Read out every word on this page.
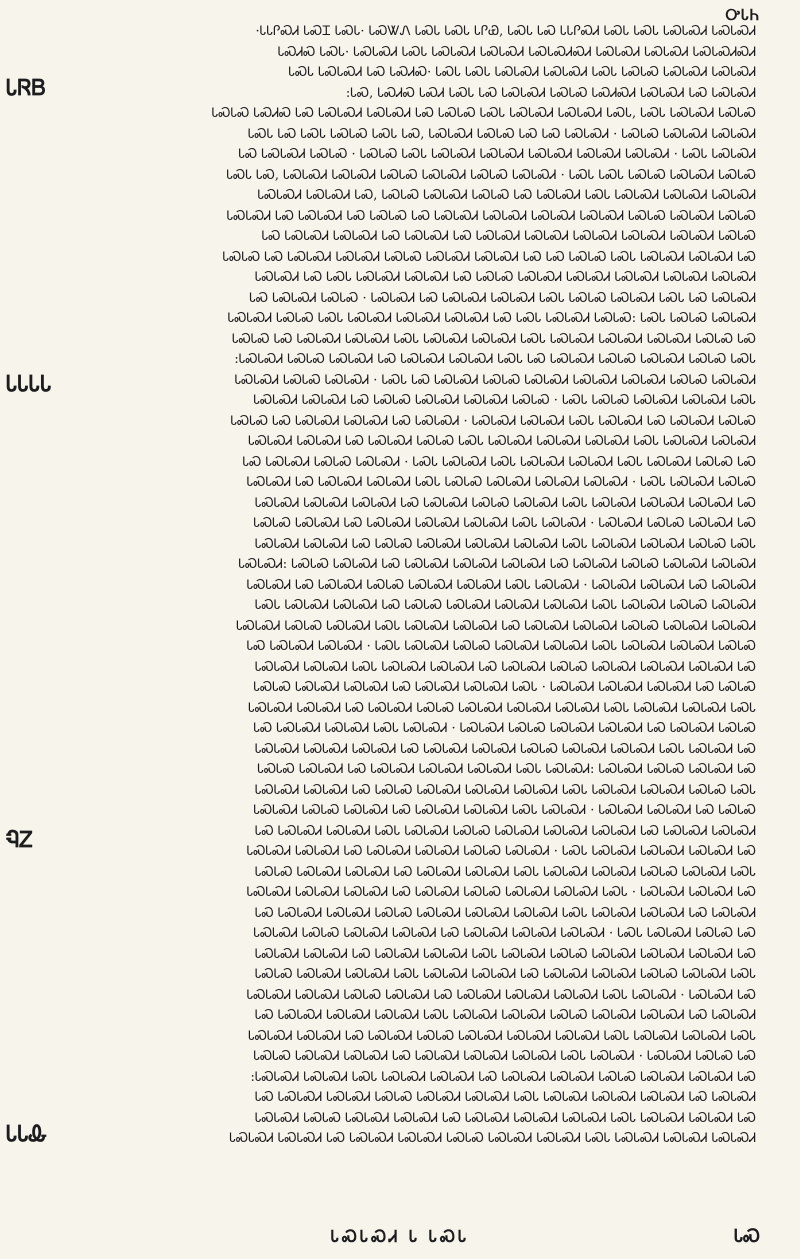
ᎤᏓᏂ
ᏓᏒᏴ
ᏓᏓᏓᏓ
ᏄᏃ
ᏓᏓᎲ

ᏓᏓᎵᏍᏗ ᏓᏍᏆ ᏓᏍᏓ· ᏓᏍᏔᏁ ᏓᏍᏓ ᏓᏍᏓ ᏓᎵᏯ, ᏓᏍᏓ ᏓᏍ ᏓᏓᎵᏍᏗ ᏓᏍᏓ ᏓᏍᏓ ᏓᏍᏓᏍᏗ ᏓᏍᏓᏍᏗ·
ᏓᏍᏗᏍ ᏓᏍᏓ· ᏓᏍᏓᏍᏗ ᏓᏍᏓ ᏓᏍᏓᏍᏗ ᏓᏍᏓᏍᏗ ᏓᏍᏓᏍᏗᏍᏗ ᏓᏍᏓᏍᏗ ᏓᏍᏓᏍᏗ ᏓᏍᏓᏍᏗᏍᏗ
ᏓᏍᏓ ᏓᏍᏓᏍᏗ ᏓᏍ ᏓᏍᏗᏍ· ᏓᏍᏓ ᏓᏍᏓ ᏓᏍᏓᏍᏗ ᏓᏍᏓᏍᏗ ᏓᏍᏓ ᏓᏍᏓᏍ ᏓᏍᏓᏍᏗ ᏓᏍᏓᏍᏗ
ᏓᏍ, ᏓᏍᏗᏍ ᏓᏍᏗ ᏓᏍᏓ ᏓᏍ ᏓᏍᏓᏍᏗ ᏓᏍᏓᏍ ᏓᏍᏗᏍᏗ ᏓᏍᏓᏍᏗ ᏓᏍ ᏓᏍᏓᏍᏗ:
ᏓᏍᏓᏍ ᏓᏍᏗᏍ ᏓᏍ ᏓᏍᏓᏍᏗ ᏓᏍᏓᏍᏗ ᏓᏍ ᏓᏍᏓᏍ ᏓᏍᏓ ᏓᏍᏓᏍᏗ ᏓᏍᏓᏍᏗ ᏓᏍᏓ, ᏓᏍᏓ ᏓᏍᏓᏍᏗ ᏓᏍᏓᏍ
ᏓᏍᏓ ᏓᏍ ᏓᏍᏓ ᏓᏍᏓᏍ ᏓᏍᏓ ᏓᏍ, ᏓᏍᏓᏍᏗ ᏓᏍᏓᏍ ᏓᏍ ᏓᏍ ᏓᏍᏓᏍᏗ · ᏓᏍᏓᏍ ᏓᏍᏓᏍᏗ ᏓᏍᏓᏍᏗ
ᏓᏍ ᏓᏍᏓᏍᏗ ᏓᏍᏓᏍ · ᏓᏍᏓᏍ ᏓᏍᏓ ᏓᏍᏓᏍᏗ ᏓᏍᏓᏍᏗ ᏓᏍᏓᏍᏗ ᏓᏍᏓᏍᏗ ᏓᏍᏓᏍᏗ · ᏓᏍᏓ ᏓᏍᏓᏍᏗ
ᏓᏍᏓ ᏓᏍ, ᏓᏍᏓᏍᏗ ᏓᏍᏓᏍᏗ ᏓᏍᏓᏍ ᏓᏍᏓᏍᏗ ᏓᏍᏓᏍ ᏓᏍᏓᏍᏗ · ᏓᏍᏓ ᏓᏍᏓ ᏓᏍᏓᏍ ᏓᏍᏓᏍᏗ ᏓᏍᏓᏍ
ᏓᏍᏓᏍᏗ ᏓᏍᏓᏍᏗ ᏓᏍ, ᏓᏍᏓᏍ ᏓᏍᏓᏍᏗ ᏓᏍᏓᏍ ᏓᏍ ᏓᏍᏓᏍᏗ ᏓᏍᏓ ᏓᏍᏓᏍᏗ ᏓᏍᏓᏍᏗ ᏓᏍᏓᏍᏗ
ᏓᏍᏓᏍᏗ ᏓᏍ ᏓᏍᏓᏍᏗ ᏓᏍ ᏓᏍᏓᏍ ᏓᏍ ᏓᏍᏓᏍᏗ ᏓᏍᏓᏍᏗ ᏓᏍᏓᏍᏗ ᏓᏍᏓᏍᏗ ᏓᏍᏓᏍ ᏓᏍᏓᏍᏗ ᏓᏍᏓᏍ
ᏓᏍ ᏓᏍᏓᏍᏗ ᏓᏍᏓᏍᏗ ᏓᏍ ᏓᏍᏓᏍᏗ ᏓᏍ ᏓᏍᏓᏍᏗ ᏓᏍᏓᏍᏗ ᏓᏍᏓᏍᏗ ᏓᏍᏓᏍᏗ ᏓᏍᏓᏍᏗ ᏓᏍᏓᏍ
ᏓᏍᏓᏍ ᏓᏍ ᏓᏍᏓᏍᏗ ᏓᏍᏓᏍᏗ ᏓᏍᏓᏍ ᏓᏍᏓᏍᏗ ᏓᏍᏓᏍᏗ ᏓᏍ ᏓᏍ ᏓᏍᏓᏍ ᏓᏍᏓ ᏓᏍᏓᏍᏗ ᏓᏍᏓᏍᏗ ᏓᏍ
ᏓᏍᏓᏍᏗ ᏓᏍ ᏓᏍᏓ ᏓᏍᏓᏍᏗ ᏓᏍᏓᏍᏗ ᏓᏍ ᏓᏍᏓᏍ ᏓᏍᏓᏍᏗ ᏓᏍᏓᏍᏗ ᏓᏍᏓᏍᏗ ᏓᏍᏓᏍᏗ ᏓᏍᏓᏍᏗ
ᏓᏍ ᏓᏍᏓᏍᏗ ᏓᏍᏓᏍ · ᏓᏍᏓᏍᏗ ᏓᏍ ᏓᏍᏓᏍᏗ ᏓᏍᏓᏍᏗ ᏓᏍᏓ ᏓᏍᏓᏍ ᏓᏍᏓᏍᏗ ᏓᏍᏓ ᏓᏍ ᏓᏍᏓᏍᏗ
ᏓᏍᏓᏍᏗ ᏓᏍᏓᏍ ᏓᏍᏓ ᏓᏍᏓᏍᏗ ᏓᏍᏓᏍᏗ ᏓᏍᏓᏍᏗ ᏓᏍ ᏓᏍᏓ ᏓᏍᏓᏍᏗ ᏓᏍᏓᏍ: ᏓᏍᏓ ᏓᏍᏓᏍ ᏓᏍᏓᏍᏗ
ᏓᏍᏓᏍ ᏓᏍ ᏓᏍᏓᏍᏗ ᏓᏍᏓᏍᏗ ᏓᏍᏓ ᏓᏍᏓᏍᏗ ᏓᏍᏓᏍᏗ ᏓᏍᏓ ᏓᏍᏓᏍᏗ ᏓᏍᏓᏍᏗ ᏓᏍᏓᏍᏗ ᏓᏍᏓᏍ ᏓᏍ
ᏓᏍᏓᏍᏗ ᏓᏍᏓᏍ ᏓᏍᏓᏍᏗ ᏓᏍ ᏓᏍᏓᏍᏗ ᏓᏍᏓᏍᏗ ᏓᏍᏓ ᏓᏍ ᏓᏍᏓᏍᏗ ᏓᏍᏓᏍ ᏓᏍᏓᏍᏗ ᏓᏍᏓᏍ ᏓᏍᏓ:
ᏓᏍᏓᏍᏗ ᏓᏍᏓᏍ ᏓᏍᏓᏍᏗ · ᏓᏍᏓ ᏓᏍ ᏓᏍᏓᏍᏗ ᏓᏍᏓᏍ ᏓᏍᏓᏍᏗ ᏓᏍᏓᏍᏗ ᏓᏍᏓᏍᏗ ᏓᏍᏓᏍ ᏓᏍᏓᏍᏗ
ᏓᏍᏓᏍᏗ ᏓᏍᏓᏍᏗ ᏓᏍ ᏓᏍᏓᏍ ᏓᏍᏓᏍᏗ ᏓᏍᏓᏍᏗ ᏓᏍᏓᏍ · ᏓᏍᏓ ᏓᏍᏓᏍ ᏓᏍᏓᏍᏗ ᏓᏍᏓᏍᏗ ᏓᏍᏓ
ᏓᏍᏓᏍ ᏓᏍ ᏓᏍᏓᏍᏗ ᏓᏍᏓᏍᏗ ᏓᏍ ᏓᏍᏓᏍᏗ · ᏓᏍᏓᏍᏗ ᏓᏍᏓᏍᏗ ᏓᏍᏓ ᏓᏍᏓᏍᏗ ᏓᏍ ᏓᏍᏓᏍᏗ ᏓᏍᏓᏍ
ᏓᏍᏓᏍᏗ ᏓᏍᏓᏍᏗ ᏓᏍ ᏓᏍᏓᏍᏗ ᏓᏍᏓᏍ ᏓᏍᏓ ᏓᏍᏓᏍᏗ ᏓᏍᏓᏍᏗ ᏓᏍᏓᏍᏗ ᏓᏍᏓ ᏓᏍᏓᏍᏗ ᏓᏍᏓᏍᏗ
ᏓᏍ ᏓᏍᏓᏍᏗ ᏓᏍᏓᏍ ᏓᏍᏓᏍᏗ · ᏓᏍᏓ ᏓᏍᏓᏍᏗ ᏓᏍᏓ ᏓᏍᏓᏍᏗ ᏓᏍᏓᏍᏗ ᏓᏍᏓ ᏓᏍᏓᏍᏗ ᏓᏍᏓᏍ ᏓᏍ
ᏓᏍᏓᏍᏗ ᏓᏍ ᏓᏍᏓᏍᏗ ᏓᏍᏓᏍᏗ ᏓᏍᏓ ᏓᏍᏓᏍ ᏓᏍᏓᏍᏗ ᏓᏍᏓᏍᏗ ᏓᏍᏓᏍᏗ · ᏓᏍᏓ ᏓᏍᏓᏍᏗ ᏓᏍᏓᏍ
ᏓᏍᏓᏍᏗ ᏓᏍᏓᏍᏗ ᏓᏍᏓᏍᏗ ᏓᏍ ᏓᏍᏓᏍᏗ ᏓᏍᏓᏍ ᏓᏍᏓᏍᏗ ᏓᏍᏓ ᏓᏍᏓᏍᏗ ᏓᏍᏓᏍᏗ ᏓᏍᏓᏍᏗ ᏓᏍ
ᏓᏍᏓᏍ ᏓᏍᏓᏍᏗ ᏓᏍ ᏓᏍᏓᏍᏗ ᏓᏍᏓᏍᏗ ᏓᏍᏓᏍᏗ ᏓᏍᏓ ᏓᏍᏓᏍᏗ · ᏓᏍᏓᏍᏗ ᏓᏍᏓᏍ ᏓᏍᏓᏍᏗ ᏓᏍ
ᏓᏍᏓᏍᏗ ᏓᏍᏓᏍᏗ ᏓᏍ ᏓᏍᏓᏍ ᏓᏍᏓᏍᏗ ᏓᏍᏓᏍᏗ ᏓᏍᏓᏍᏗ ᏓᏍᏓ ᏓᏍᏓᏍᏗ ᏓᏍᏓᏍᏗ ᏓᏍᏓᏍ ᏓᏍᏓ
ᏓᏍᏓᏍᏗ: ᏓᏍᏓᏍ ᏓᏍᏓᏍᏗ ᏓᏍ ᏓᏍᏓᏍᏗ ᏓᏍᏓᏍᏗ ᏓᏍᏓᏍᏗ ᏓᏍ ᏓᏍᏓᏍᏗ ᏓᏍᏓᏍ ᏓᏍᏓᏍᏗ ᏓᏍᏓᏍᏗ
ᏓᏍᏓᏍᏗ ᏓᏍ ᏓᏍᏓᏍᏗ ᏓᏍᏓᏍ ᏓᏍᏓᏍᏗ ᏓᏍᏓᏍᏗ ᏓᏍᏓ ᏓᏍᏓᏍᏗ · ᏓᏍᏓᏍᏗ ᏓᏍᏓᏍᏗ ᏓᏍ ᏓᏍᏓᏍᏗ
ᏓᏍᏓ ᏓᏍᏓᏍᏗ ᏓᏍᏓᏍᏗ ᏓᏍ ᏓᏍᏓᏍ ᏓᏍᏓᏍᏗ ᏓᏍᏓᏍᏗ ᏓᏍᏓᏍᏗ ᏓᏍᏓ ᏓᏍᏓᏍᏗ ᏓᏍᏓᏍ ᏓᏍᏓᏍᏗ
ᏓᏍᏓᏍᏗ ᏓᏍᏓᏍ ᏓᏍᏓᏍᏗ ᏓᏍᏓ ᏓᏍᏓᏍᏗ ᏓᏍᏓᏍᏗ ᏓᏍ ᏓᏍᏓᏍᏗ ᏓᏍᏓᏍᏗ ᏓᏍᏓᏍ ᏓᏍᏓᏍᏗ ᏓᏍᏓᏍᏗ
ᏓᏍ ᏓᏍᏓᏍᏗ ᏓᏍᏓᏍᏗ · ᏓᏍᏓ ᏓᏍᏓᏍᏗ ᏓᏍᏓᏍ ᏓᏍᏓᏍᏗ ᏓᏍᏓᏍᏗ ᏓᏍᏓ ᏓᏍᏓᏍᏗ ᏓᏍᏓᏍᏗ ᏓᏍᏓᏍ
ᏓᏍᏓᏍᏗ ᏓᏍᏓᏍᏗ ᏓᏍᏓ ᏓᏍᏓᏍᏗ ᏓᏍᏓᏍᏗ ᏓᏍ ᏓᏍᏓᏍᏗ ᏓᏍᏓᏍ ᏓᏍᏓᏍᏗ ᏓᏍᏓᏍᏗ ᏓᏍᏓᏍᏗ ᏓᏍ
ᏓᏍᏓᏍ ᏓᏍᏓᏍᏗ ᏓᏍᏓᏍᏗ ᏓᏍ ᏓᏍᏓᏍᏗ ᏓᏍᏓᏍᏗ ᏓᏍᏓ · ᏓᏍᏓᏍᏗ ᏓᏍᏓᏍᏗ ᏓᏍᏓᏍᏗ ᏓᏍ ᏓᏍᏓᏍ
ᏓᏍᏓᏍᏗ ᏓᏍᏓᏍᏗ ᏓᏍ ᏓᏍᏓᏍᏗ ᏓᏍᏓᏍ ᏓᏍᏓᏍᏗ ᏓᏍᏓᏍᏗ ᏓᏍᏓᏍᏗ ᏓᏍᏓ ᏓᏍᏓᏍᏗ ᏓᏍᏓᏍᏗ ᏓᏍᏓ
ᏓᏍ ᏓᏍᏓᏍᏗ ᏓᏍᏓᏍᏗ ᏓᏍᏓ ᏓᏍᏓᏍᏗ · ᏓᏍᏓᏍᏗ ᏓᏍᏓᏍ ᏓᏍᏓᏍᏗ ᏓᏍᏓᏍᏗ ᏓᏍ ᏓᏍᏓᏍᏗ ᏓᏍᏓᏍ
ᏓᏍᏓᏍᏗ ᏓᏍᏓᏍᏗ ᏓᏍᏓᏍᏗ ᏓᏍ ᏓᏍᏓᏍᏗ ᏓᏍᏓᏍᏗ ᏓᏍᏓᏍ ᏓᏍᏓᏍᏗ ᏓᏍᏓᏍᏗ ᏓᏍᏓ ᏓᏍᏓᏍᏗ ᏓᏍ
ᏓᏍᏓᏍ ᏓᏍᏓᏍᏗ ᏓᏍ ᏓᏍᏓᏍᏗ ᏓᏍᏓᏍᏗ ᏓᏍᏓᏍᏗ ᏓᏍᏓ ᏓᏍᏓᏍᏗ: ᏓᏍᏓᏍᏗ ᏓᏍᏓᏍ ᏓᏍᏓᏍᏗ ᏓᏍ
ᏓᏍᏓᏍᏗ ᏓᏍᏓᏍᏗ ᏓᏍ ᏓᏍᏓᏍ ᏓᏍᏓᏍᏗ ᏓᏍᏓᏍᏗ ᏓᏍᏓᏍᏗ ᏓᏍᏓ ᏓᏍᏓᏍᏗ ᏓᏍᏓᏍᏗ ᏓᏍᏓᏍ ᏓᏍᏓ
ᏓᏍᏓᏍᏗ ᏓᏍᏓᏍ ᏓᏍᏓᏍᏗ ᏓᏍ ᏓᏍᏓᏍᏗ ᏓᏍᏓᏍᏗ ᏓᏍᏓ ᏓᏍᏓᏍᏗ · ᏓᏍᏓᏍᏗ ᏓᏍᏓᏍᏗ ᏓᏍ ᏓᏍᏓᏍ
ᏓᏍ ᏓᏍᏓᏍᏗ ᏓᏍᏓᏍᏗ ᏓᏍᏓ ᏓᏍᏓᏍᏗ ᏓᏍᏓᏍ ᏓᏍᏓᏍᏗ ᏓᏍᏓᏍᏗ ᏓᏍᏓᏍᏗ ᏓᏍ ᏓᏍᏓᏍᏗ ᏓᏍᏓᏍᏗ
ᏓᏍᏓᏍᏗ ᏓᏍᏓᏍᏗ ᏓᏍ ᏓᏍᏓᏍᏗ ᏓᏍᏓᏍᏗ ᏓᏍᏓᏍ ᏓᏍᏓᏍᏗ · ᏓᏍᏓ ᏓᏍᏓᏍᏗ ᏓᏍᏓᏍᏗ ᏓᏍᏓᏍᏗ ᏓᏍ
ᏓᏍᏓᏍ ᏓᏍᏓᏍᏗ ᏓᏍᏓᏍᏗ ᏓᏍ ᏓᏍᏓᏍᏗ ᏓᏍᏓᏍᏗ ᏓᏍᏓ ᏓᏍᏓᏍᏗ ᏓᏍᏓᏍᏗ ᏓᏍᏓᏍ ᏓᏍᏓᏍᏗ ᏓᏍᏓ
ᏓᏍᏓᏍᏗ ᏓᏍᏓᏍᏗ ᏓᏍᏓᏍᏗ ᏓᏍ ᏓᏍᏓᏍᏗ ᏓᏍᏓᏍ ᏓᏍᏓᏍᏗ ᏓᏍᏓᏍᏗ ᏓᏍᏓ · ᏓᏍᏓᏍᏗ ᏓᏍᏓᏍᏗ ᏓᏍ
ᏓᏍ ᏓᏍᏓᏍᏗ ᏓᏍᏓᏍᏗ ᏓᏍᏓᏍ ᏓᏍᏓᏍᏗ ᏓᏍᏓᏍᏗ ᏓᏍᏓᏍᏗ ᏓᏍᏓ ᏓᏍᏓᏍᏗ ᏓᏍᏓᏍᏗ ᏓᏍ ᏓᏍᏓᏍᏗ
ᏓᏍᏓᏍᏗ ᏓᏍᏓᏍ ᏓᏍᏓᏍᏗ ᏓᏍᏓᏍᏗ ᏓᏍ ᏓᏍᏓᏍᏗ ᏓᏍᏓᏍᏗ ᏓᏍᏓᏍᏗ · ᏓᏍᏓ ᏓᏍᏓᏍᏗ ᏓᏍᏓᏍ ᏓᏍ
ᏓᏍᏓᏍᏗ ᏓᏍᏓᏍᏗ ᏓᏍ ᏓᏍᏓᏍᏗ ᏓᏍᏓᏍᏗ ᏓᏍᏓ ᏓᏍᏓᏍᏗ ᏓᏍᏓᏍ ᏓᏍᏓᏍᏗ ᏓᏍᏓᏍᏗ ᏓᏍᏓᏍᏗ ᏓᏍ
ᏓᏍᏓᏍ ᏓᏍᏓᏍᏗ ᏓᏍᏓᏍᏗ ᏓᏍᏓ ᏓᏍᏓᏍᏗ ᏓᏍᏓᏍᏗ ᏓᏍ ᏓᏍᏓᏍᏗ ᏓᏍᏓᏍᏗ ᏓᏍᏓᏍ ᏓᏍᏓᏍᏗ ᏓᏍᏓ
ᏓᏍᏓᏍᏗ ᏓᏍᏓᏍᏗ ᏓᏍᏓᏍ ᏓᏍᏓᏍᏗ ᏓᏍ ᏓᏍᏓᏍᏗ ᏓᏍᏓᏍᏗ ᏓᏍᏓᏍᏗ ᏓᏍᏓ ᏓᏍᏓᏍᏗ · ᏓᏍᏓᏍᏗ ᏓᏍ
ᏓᏍ ᏓᏍᏓᏍᏗ ᏓᏍᏓᏍᏗ ᏓᏍᏓᏍᏗ ᏓᏍᏓ ᏓᏍᏓᏍᏗ ᏓᏍᏓᏍᏗ ᏓᏍᏓᏍ ᏓᏍᏓᏍᏗ ᏓᏍᏓᏍᏗ ᏓᏍ ᏓᏍᏓᏍᏗ
ᏓᏍᏓᏍᏗ ᏓᏍᏓᏍᏗ ᏓᏍ ᏓᏍᏓᏍᏗ ᏓᏍᏓᏍ ᏓᏍᏓᏍᏗ ᏓᏍᏓᏍᏗ ᏓᏍᏓᏍᏗ ᏓᏍᏓ ᏓᏍᏓᏍᏗ ᏓᏍᏓᏍᏗ ᏓᏍᏓ
ᏓᏍᏓᏍ ᏓᏍᏓᏍᏗ ᏓᏍᏓᏍᏗ ᏓᏍ ᏓᏍᏓᏍᏗ ᏓᏍᏓᏍᏗ ᏓᏍᏓᏍᏗ ᏓᏍᏓ ᏓᏍᏓᏍᏗ · ᏓᏍᏓᏍᏗ ᏓᏍᏓᏍ ᏓᏍ
ᏓᏍᏓᏍᏗ ᏓᏍᏓᏍᏗ ᏓᏍᏓ ᏓᏍᏓᏍᏗ ᏓᏍᏓᏍᏗ ᏓᏍ ᏓᏍᏓᏍᏗ ᏓᏍᏓᏍᏗ ᏓᏍᏓᏍ ᏓᏍᏓᏍᏗ ᏓᏍᏓᏍᏗ ᏓᏍ:
ᏓᏍ ᏓᏍᏓᏍᏗ ᏓᏍᏓᏍᏗ ᏓᏍᏓᏍ ᏓᏍᏓᏍᏗ ᏓᏍᏓᏍᏗ ᏓᏍᏓ ᏓᏍᏓᏍᏗ ᏓᏍᏓᏍᏗ ᏓᏍᏓᏍᏗ ᏓᏍ ᏓᏍᏓᏍᏗ
ᏓᏍᏓᏍᏗ ᏓᏍᏓᏍ ᏓᏍᏓᏍᏗ ᏓᏍᏓᏍᏗ ᏓᏍ ᏓᏍᏓᏍᏗ ᏓᏍᏓᏍᏗ ᏓᏍᏓᏍᏗ ᏓᏍᏓ ᏓᏍᏓᏍᏗ ᏓᏍᏓᏍᏗ ᏓᏍ
ᏓᏍᏓᏍᏗ ᏓᏍᏓᏍᏗ ᏓᏍ ᏓᏍᏓᏍᏗ ᏓᏍᏓᏍᏗ ᏓᏍᏓᏍ ᏓᏍᏓᏍᏗ ᏓᏍᏓᏍᏗ ᏓᏍᏓ ᏓᏍᏓᏍᏗ ᏓᏍᏓᏍᏗ ᏓᏍᏓᏍᏗ

ᏓᏍᏓᏍᏗ Ꮣ ᏓᏍᏓ	ᏓᏍ
